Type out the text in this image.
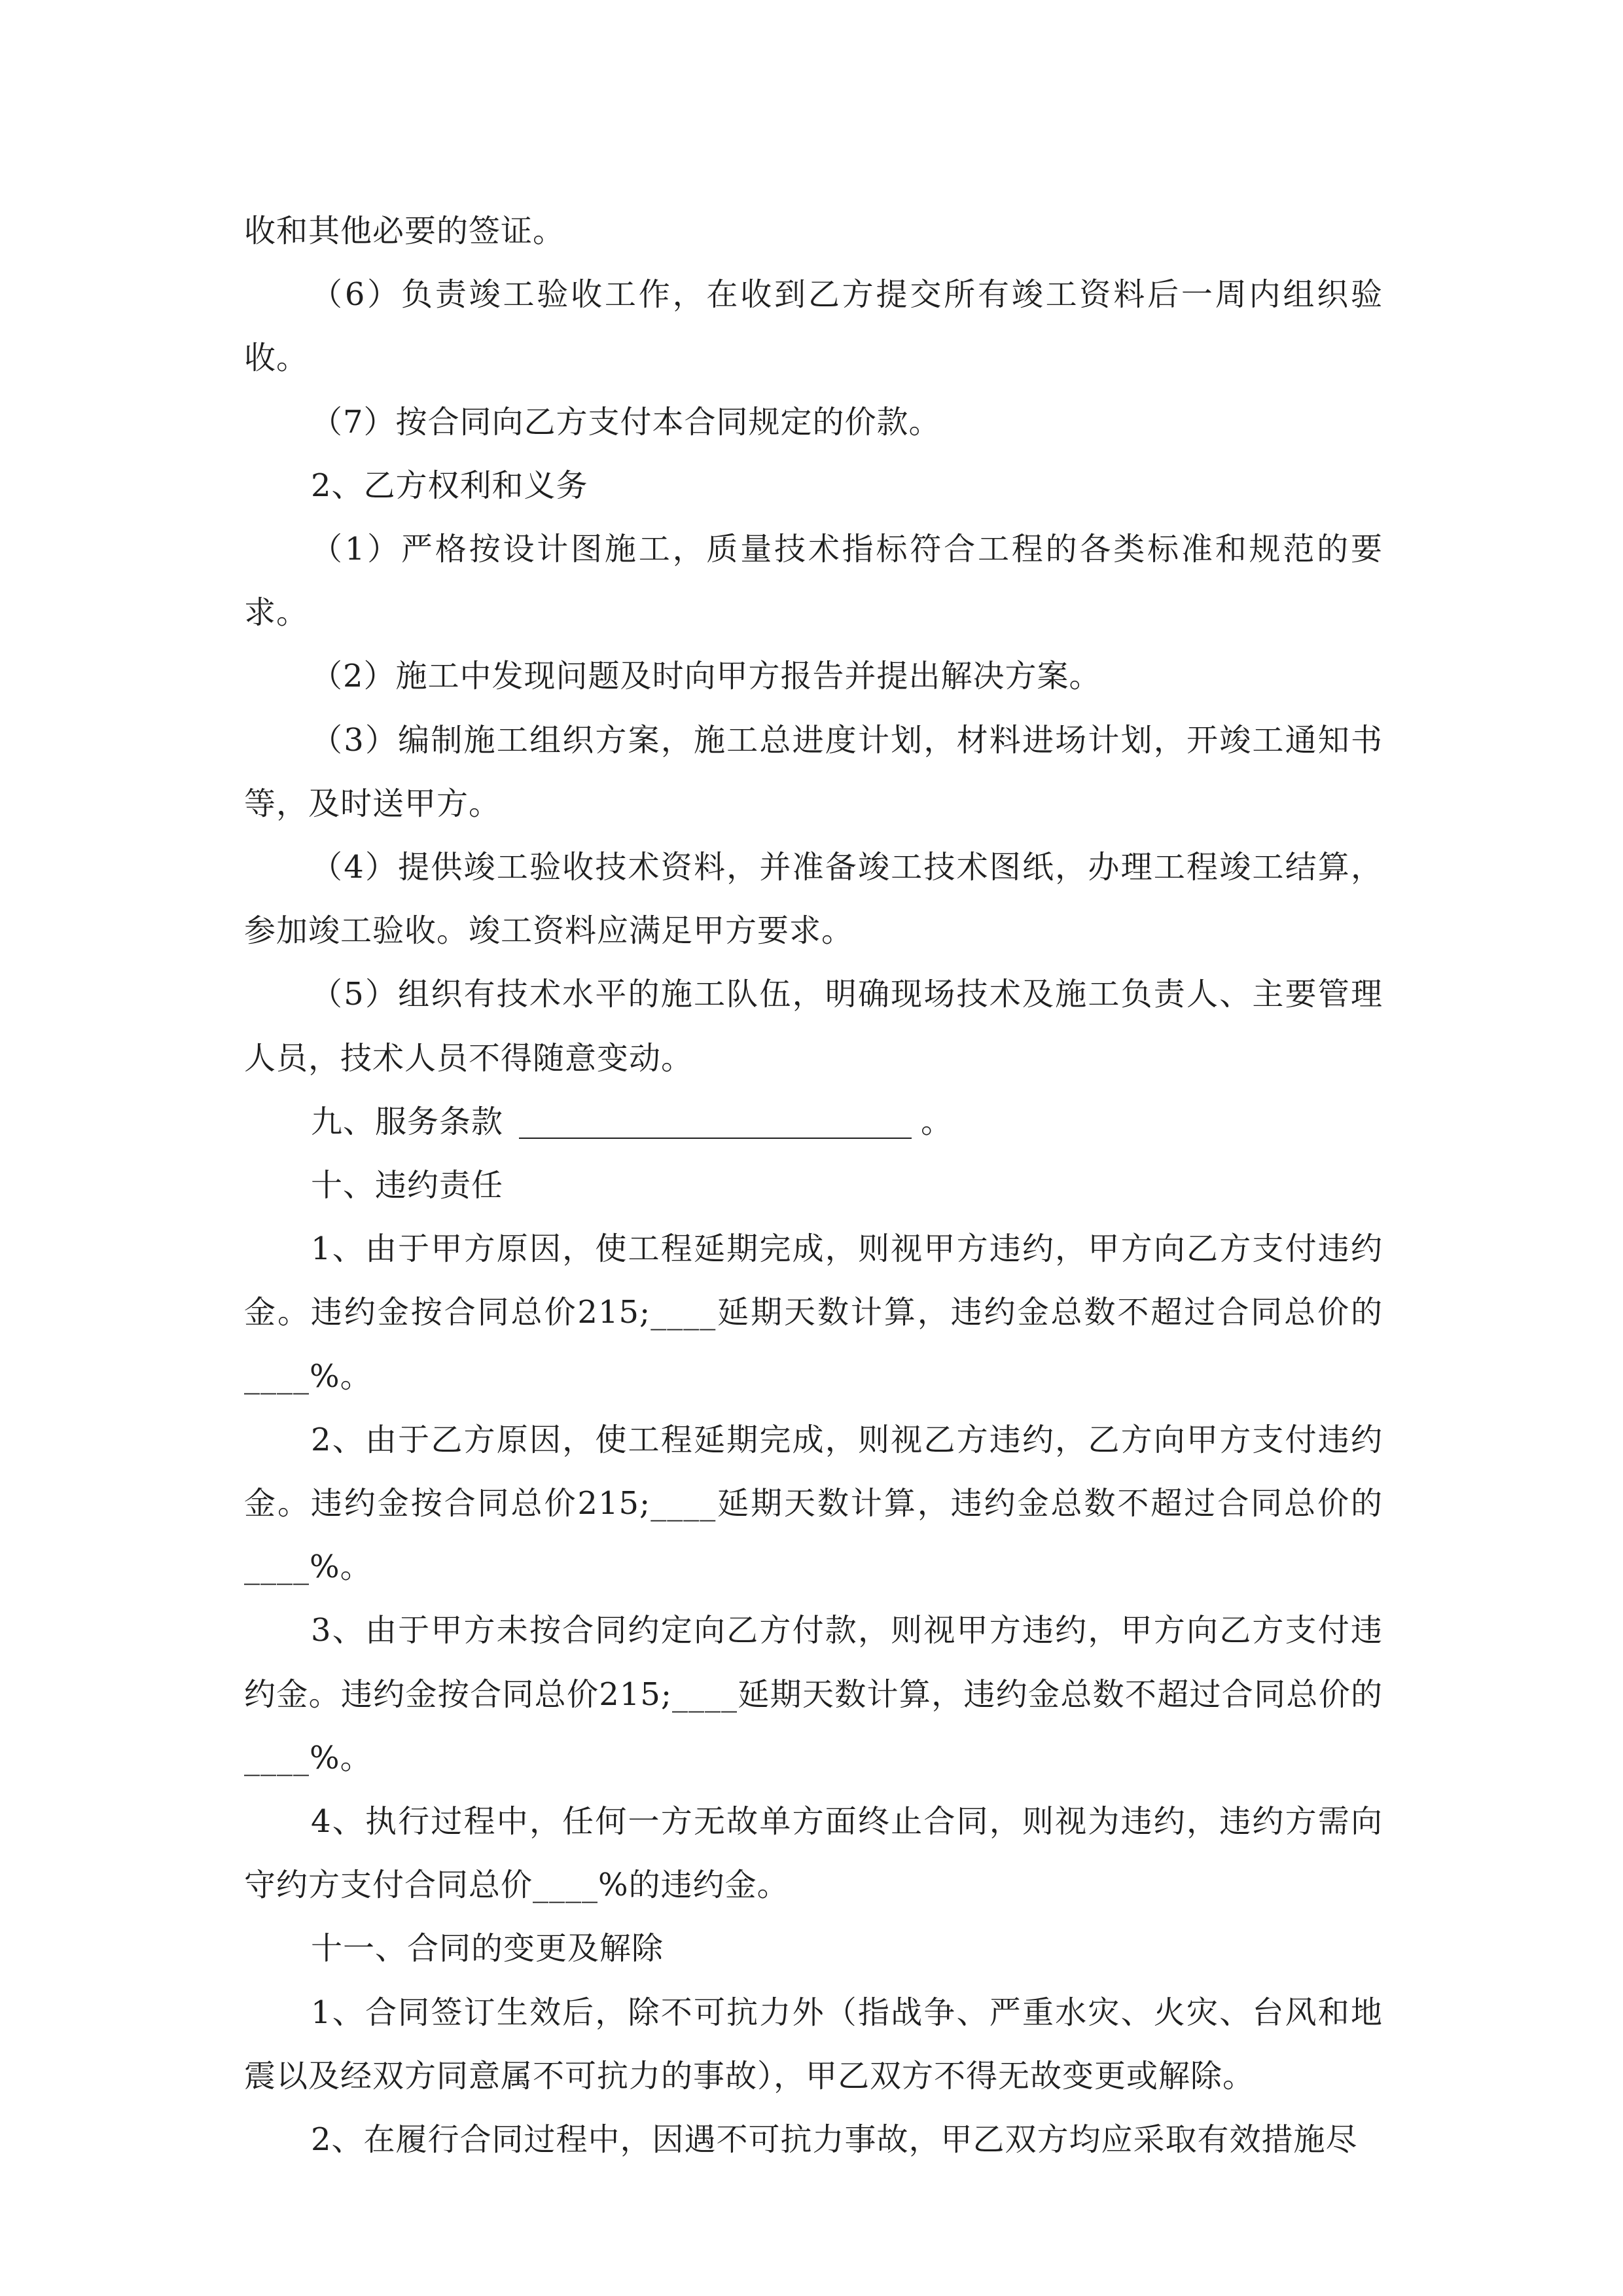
收和其他必要的签证。

（6）负责竣工验收工作，在收到乙方提交所有竣工资料后一周内组织验收。

（7）按合同向乙方支付本合同规定的价款。

2、乙方权利和义务

（1）严格按设计图施工，质量技术指标符合工程的各类标准和规范的要求。

（2）施工中发现问题及时向甲方报告并提出解决方案。

（3）编制施工组织方案，施工总进度计划，材料进场计划，开竣工通知书等，及时送甲方。

（4）提供竣工验收技术资料，并准备竣工技术图纸，办理工程竣工结算，参加竣工验收。竣工资料应满足甲方要求。

（5）组织有技术水平的施工队伍，明确现场技术及施工负责人、主要管理人员，技术人员不得随意变动。

九、服务条款	。

十、违约责任

1、由于甲方原因，使工程延期完成，则视甲方违约，甲方向乙方支付违约金。违约金按合同总价215;____延期天数计算，违约金总数不超过合同总价的____%。

2、由于乙方原因，使工程延期完成，则视乙方违约，乙方向甲方支付违约金。违约金按合同总价215;____延期天数计算，违约金总数不超过合同总价的____%。

3、由于甲方未按合同约定向乙方付款，则视甲方违约，甲方向乙方支付违约金。违约金按合同总价215;____延期天数计算，违约金总数不超过合同总价的____%。

4、执行过程中，任何一方无故单方面终止合同，则视为违约，违约方需向守约方支付合同总价____%的违约金。

十一、合同的变更及解除

1、合同签订生效后，除不可抗力外（指战争、严重水灾、火灾、台风和地震以及经双方同意属不可抗力的事故），甲乙双方不得无故变更或解除。

2、在履行合同过程中，因遇不可抗力事故，甲乙双方均应采取有效措施尽
